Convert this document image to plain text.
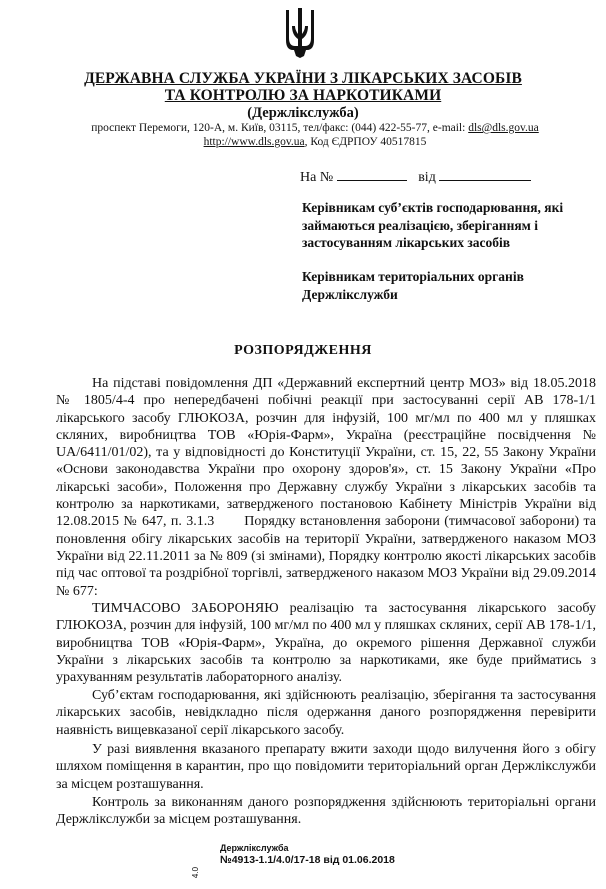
ДЕРЖАВНА СЛУЖБА УКРАЇНИ З ЛІКАРСЬКИХ ЗАСОБІВ
ТА КОНТРОЛЮ ЗА НАРКОТИКАМИ
(Держлікслужба)
проспект Перемоги, 120-А, м. Київ, 03115, тел/факс: (044) 422-55-77, e-mail: dls@dls.gov.ua
http://www.dls.gov.ua, Код ЄДРПОУ 40517815
На №	від
Керівникам суб’єктів господарювання, які займаються реалізацією, зберіганням і застосуванням лікарських засобів
Керівникам територіальних органів Держлікслужби
РОЗПОРЯДЖЕННЯ
На підставі повідомлення ДП «Державний експертний центр МОЗ» від 18.05.2018 № 1805/4-4 про непередбачені побічні реакції при застосуванні серії АВ 178-1/1 лікарського засобу ГЛЮКОЗА, розчин для інфузій, 100 мг/мл по 400 мл у пляшках скляних, виробництва ТОВ «Юрія-Фарм», Україна (реєстраційне посвідчення № UA/6411/01/02), та у відповідності до Конституції України, ст. 15, 22, 55 Закону України «Основи законодавства України про охорону здоров'я», ст. 15 Закону України «Про лікарські засоби», Положення про Державну службу України з лікарських засобів та контролю за наркотиками, затвердженого постановою Кабінету Міністрів України від 12.08.2015 № 647, п. 3.1.3 Порядку встановлення заборони (тимчасової заборони) та поновлення обігу лікарських засобів на території України, затвердженого наказом МОЗ України від 22.11.2011 за № 809 (зі змінами), Порядку контролю якості лікарських засобів під час оптової та роздрібної торгівлі, затвердженого наказом МОЗ України від 29.09.2014 № 677:
ТИМЧАСОВО ЗАБОРОНЯЮ реалізацію та застосування лікарського засобу ГЛЮКОЗА, розчин для інфузій, 100 мг/мл по 400 мл у пляшках скляних, серії АВ 178-1/1, виробництва ТОВ «Юрія-Фарм», Україна, до окремого рішення Державної служби України з лікарських засобів та контролю за наркотиками, яке буде прийматись з урахуванням результатів лабораторного аналізу.
Суб’єктам господарювання, які здійснюють реалізацію, зберігання та застосування лікарських засобів, невідкладно після одержання даного розпорядження перевірити наявність вищевказаної серії лікарського засобу.
У разі виявлення вказаного препарату вжити заходи щодо вилучення його з обігу шляхом поміщення в карантин, про що повідомити територіальний орган Держлікслужби за місцем розташування.
Контроль за виконанням даного розпорядження здійснюють територіальні органи Держлікслужби за місцем розташування.
Держлікслужба
№4913-1.1/4.0/17-18 від 01.06.2018
4.0
